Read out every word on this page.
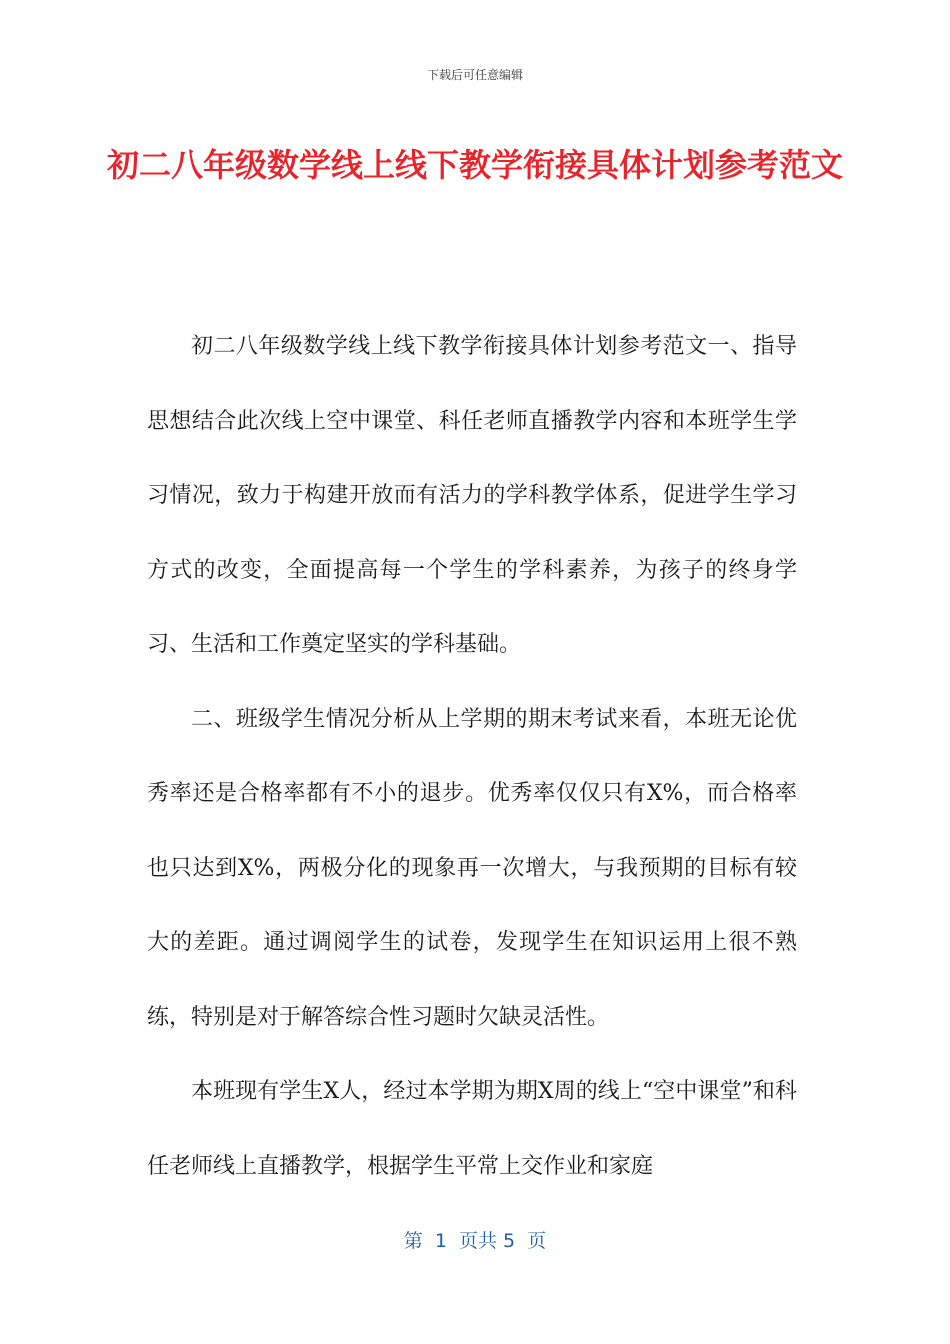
下载后可任意编辑
初二八年级数学线上线下教学衔接具体计划参考范文

初二八年级数学线上线下教学衔接具体计划参考范文一、指导思想结合此次线上空中课堂、科任老师直播教学内容和本班学生学习情况，致力于构建开放而有活力的学科教学体系，促进学生学习方式的改变，全面提高每一个学生的学科素养，为孩子的终身学习、生活和工作奠定坚实的学科基础。

二、班级学生情况分析从上学期的期末考试来看，本班无论优秀率还是合格率都有不小的退步。优秀率仅仅只有X%，而合格率也只达到X%，两极分化的现象再一次增大，与我预期的目标有较大的差距。通过调阅学生的试卷，发现学生在知识运用上很不熟练，特别是对于解答综合性习题时欠缺灵活性。

本班现有学生X人，经过本学期为期X周的线上“空中课堂”和科任老师线上直播教学，根据学生平常上交作业和家庭

第  1  页共 5  页
